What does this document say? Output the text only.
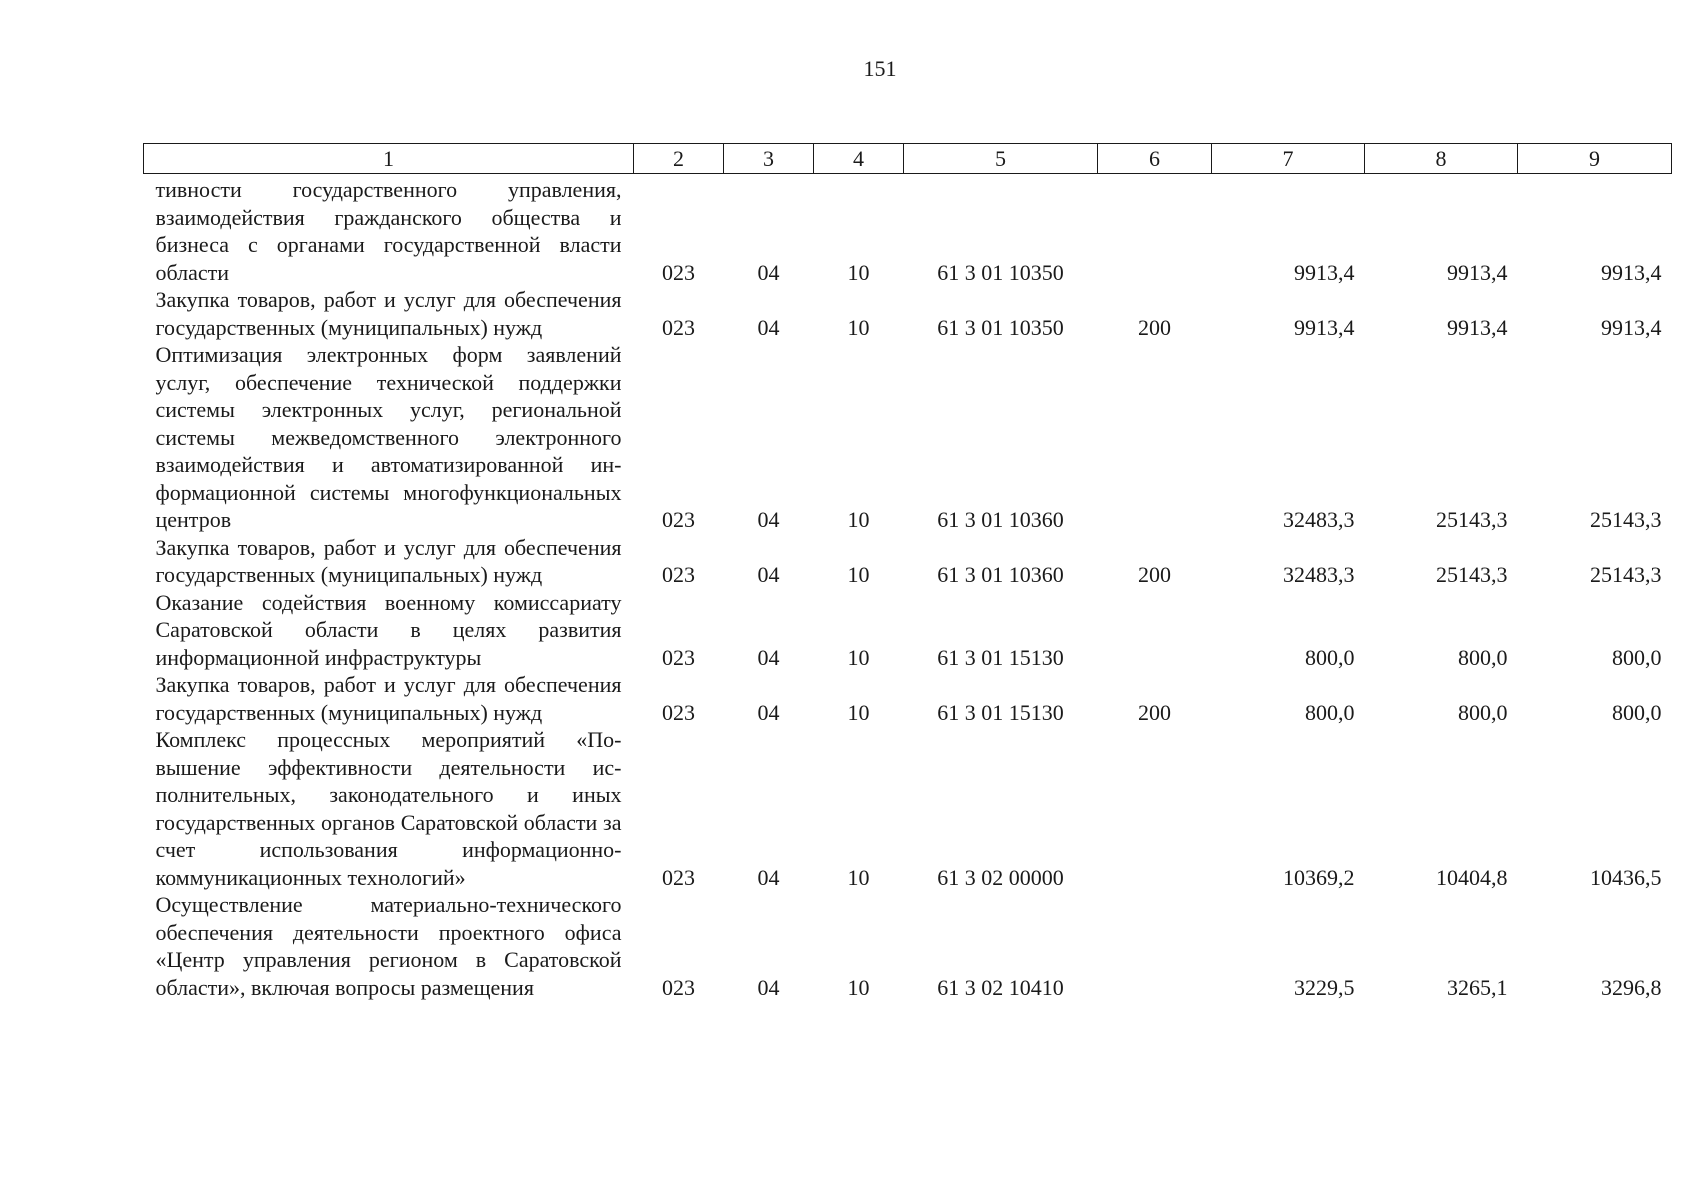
151
1	2	3	4	5	6	7	8	9
тивности государственного управления, взаимодействия гражданского общества и бизнеса с органами государственной власти области	023	04	10	61 3 01 10350		9913,4	9913,4	9913,4
Закупка товаров, работ и услуг для обеспечения государственных (муниципальных) нужд	023	04	10	61 3 01 10350	200	9913,4	9913,4	9913,4
Оптимизация электронных форм заявлений услуг, обеспечение технической поддержки системы электронных услуг, региональной системы межведомственного электронного взаимодействия и автоматизированной информационной системы многофункциональных центров	023	04	10	61 3 01 10360		32483,3	25143,3	25143,3
Закупка товаров, работ и услуг для обеспечения государственных (муниципальных) нужд	023	04	10	61 3 01 10360	200	32483,3	25143,3	25143,3
Оказание содействия военному комиссариату Саратовской области в целях развития информационной инфраструктуры	023	04	10	61 3 01 15130		800,0	800,0	800,0
Закупка товаров, работ и услуг для обеспечения государственных (муниципальных) нужд	023	04	10	61 3 01 15130	200	800,0	800,0	800,0
Комплекс процессных мероприятий «Повышение эффективности деятельности исполнительных, законодательного и иных государственных органов Саратовской области за счет использования информационно-коммуникационных технологий»	023	04	10	61 3 02 00000		10369,2	10404,8	10436,5
Осуществление материально-технического обеспечения деятельности проектного офиса «Центр управления регионом в Саратовской области», включая вопросы размещения	023	04	10	61 3 02 10410		3229,5	3265,1	3296,8
